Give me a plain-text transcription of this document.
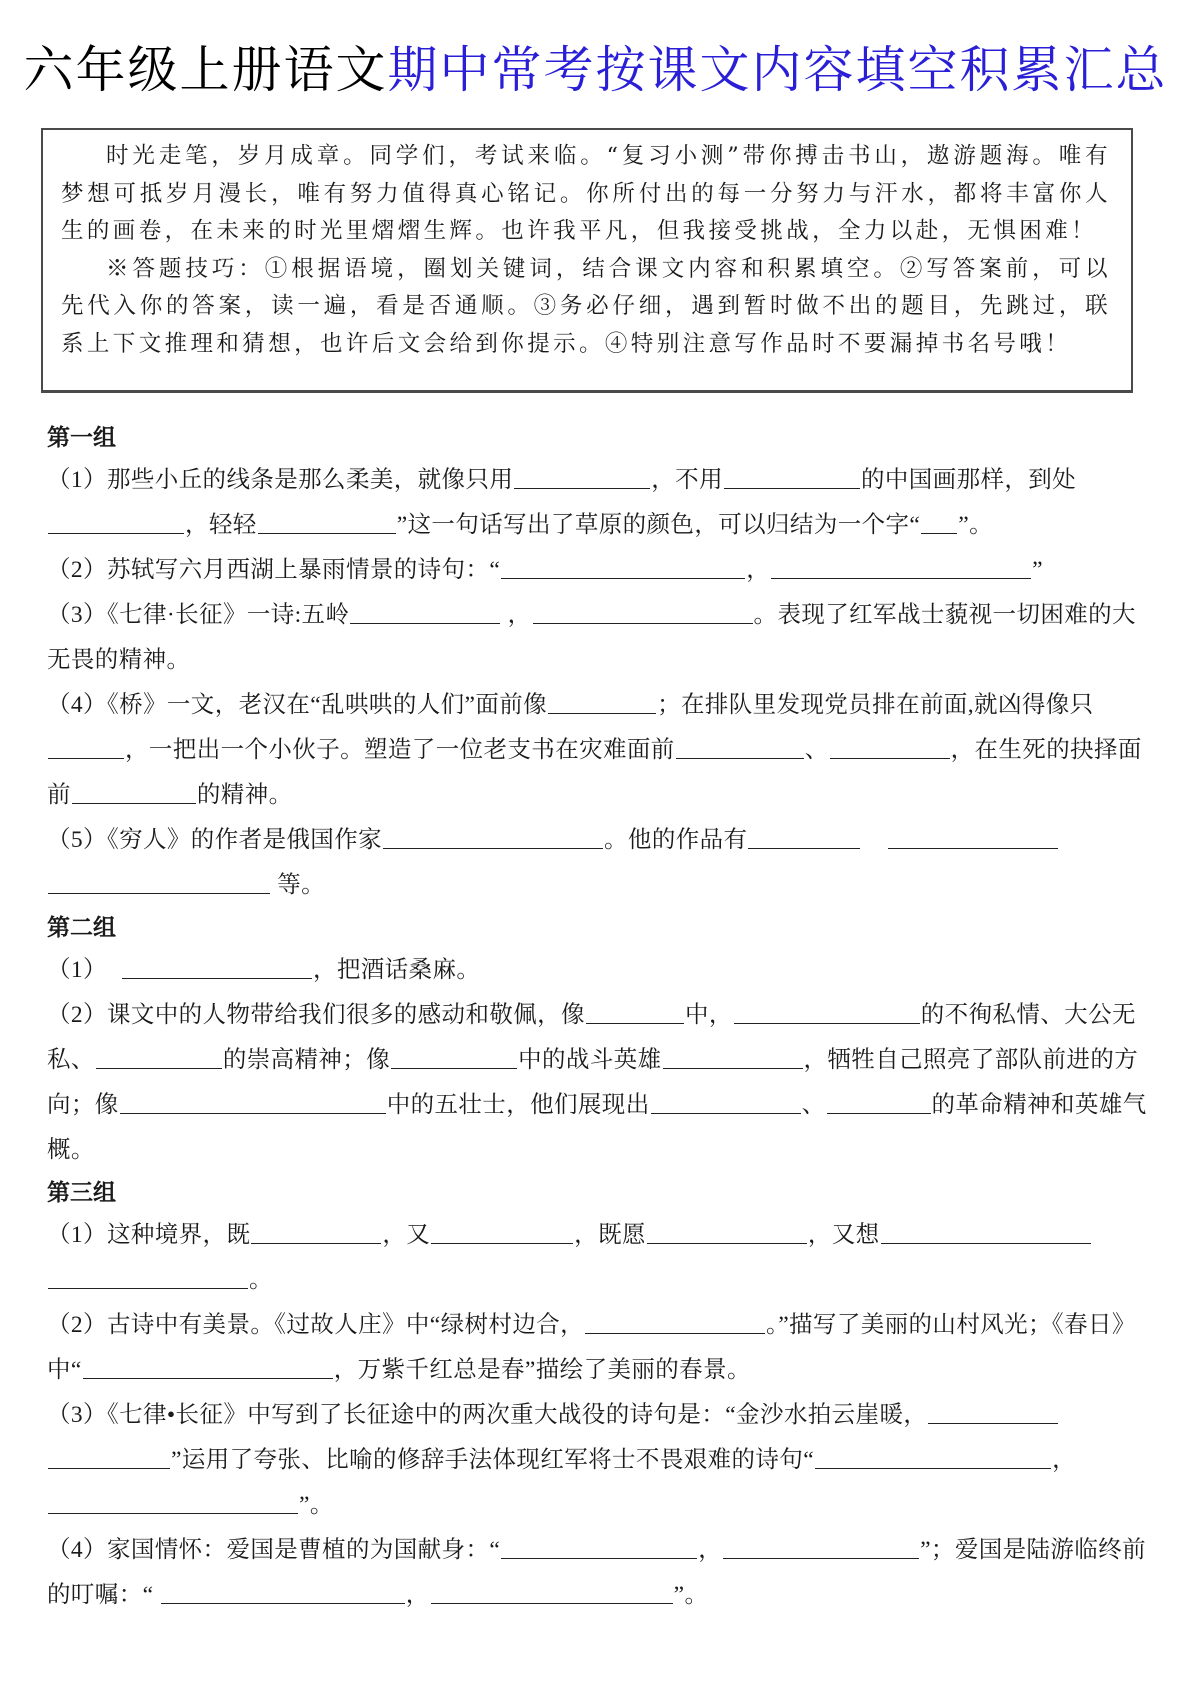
六年级上册语文期中常考按课文内容填空积累汇总

时光走笔，岁月成章。同学们，考试来临。“复习小测”带你搏击书山，遨游题海。唯有梦想可抵岁月漫长，唯有努力值得真心铭记。你所付出的每一分努力与汗水，都将丰富你人生的画卷，在未来的时光里熠熠生辉。也许我平凡，但我接受挑战，全力以赴，无惧困难！

※答题技巧：①根据语境，圈划关键词，结合课文内容和积累填空。②写答案前，可以先代入你的答案，读一遍，看是否通顺。③务必仔细，遇到暂时做不出的题目，先跳过，联系上下文推理和猜想，也许后文会给到你提示。④特别注意写作品时不要漏掉书名号哦！

第一组
（1）那些小丘的线条是那么柔美，就像只用	，不用	的中国画那样，到处，轻轻	”这一句话写出了草原的颜色，可以归结为一个字“ ”。
（2）苏轼写六月西湖上暴雨情景的诗句：“	，	”
（3）《七律·长征》一诗:五岭	，	。表现了红军战士藐视一切困难的大无畏的精神。
（4）《桥》一文，老汉在“乱哄哄的人们”面前像	；在排队里发现党员排在前面,就凶得像只，一把出一个小伙子。塑造了一位老支书在灾难面前	、	，在生死的抉择面前	的精神。
（5）《穷人》的作者是俄国作家	。他的作品有 等。
第二组
（1）	，把酒话桑麻。
（2）课文中的人物带给我们很多的感动和敬佩，像	中，	的不徇私情、大公无私、	的崇高精神；像	中的战斗英雄	，牺牲自己照亮了部队前进的方向；像	中的五壮士，他们展现出	、	的革命精神和英雄气概。
第三组
（1）这种境界，既	，又	，既愿	，又想。
（2）古诗中有美景。《过故人庄》中“绿树村边合，	。”描写了美丽的山村风光；《春日》中“	，万紫千红总是春”描绘了美丽的春景。
（3）《七律•长征》中写到了长征途中的两次重大战役的诗句是：“金沙水拍云崖暖，”运用了夸张、比喻的修辞手法体现红军将士不畏艰难的诗句“	，”。
（4）家国情怀：爱国是曹植的为国献身：“	，	”；爱国是陆游临终前的叮嘱：“	，	”。
